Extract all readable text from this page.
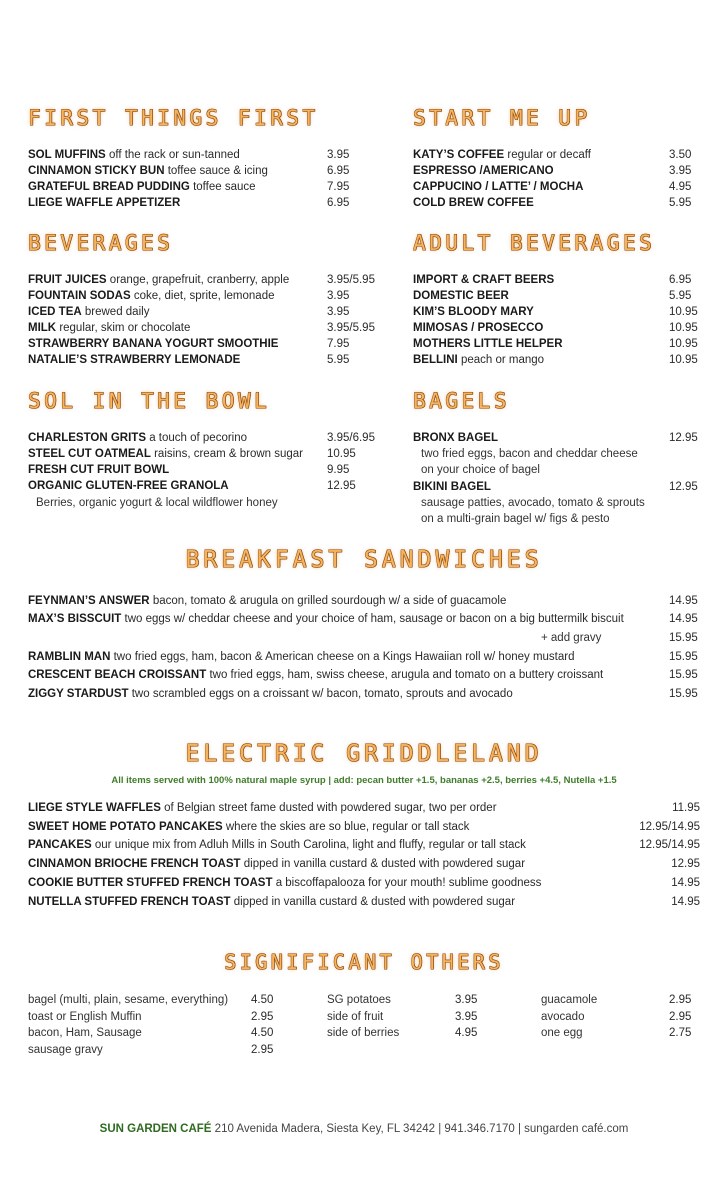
FIRST THINGS FIRST	START ME UP
BEVERAGES	ADULT BEVERAGES
SOL IN THE BOWL	BAGELS
BREAKFAST SANDWICHES
ELECTRIC GRIDDLELAND
SIGNIFICANT OTHERS
SOL MUFFINS off the rack or sun-tanned	3.95
CINNAMON STICKY BUN toffee sauce & icing	6.95
GRATEFUL BREAD PUDDING toffee sauce	7.95
LIEGE WAFFLE APPETIZER	6.95
KATY’S COFFEE regular or decaff	3.50
ESPRESSO /AMERICANO	3.95
CAPPUCINO / LATTE’ / MOCHA	4.95
COLD BREW COFFEE	5.95
FRUIT JUICES orange, grapefruit, cranberry, apple	3.95/5.95
FOUNTAIN SODAS coke, diet, sprite, lemonade	3.95
ICED TEA brewed daily	3.95
MILK regular, skim or chocolate	3.95/5.95
STRAWBERRY BANANA YOGURT SMOOTHIE	7.95
NATALIE’S STRAWBERRY LEMONADE	5.95
IMPORT & CRAFT BEERS	6.95
DOMESTIC BEER	5.95
KIM’S BLOODY MARY	10.95
MIMOSAS / PROSECCO	10.95
MOTHERS LITTLE HELPER	10.95
BELLINI peach or mango	10.95
CHARLESTON GRITS a touch of pecorino	3.95/6.95
STEEL CUT OATMEAL raisins, cream & brown sugar 10.95
FRESH CUT FRUIT BOWL	9.95
ORGANIC GLUTEN-FREE GRANOLA	12.95
Berries, organic yogurt & local wildflower honey
BRONX BAGEL	12.95
two fried eggs, bacon and cheddar cheese
on your choice of bagel
BIKINI BAGEL	12.95
sausage patties, avocado, tomato & sprouts
on a multi-grain bagel w/ figs & pesto
FEYNMAN’S ANSWER bacon, tomato & arugula on grilled sourdough w/ a side of guacamole	14.95
MAX’S BISSCUIT two eggs w/ cheddar cheese and your choice of ham, sausage or bacon on a big buttermilk biscuit	14.95
+ add gravy	15.95
RAMBLIN MAN two fried eggs, ham, bacon & American cheese on a Kings Hawaiian roll w/ honey mustard	15.95
CRESCENT BEACH CROISSANT two fried eggs, ham, swiss cheese, arugula and tomato on a buttery croissant	15.95
ZIGGY STARDUST two scrambled eggs on a croissant w/ bacon, tomato, sprouts and avocado	15.95
All items served with 100% natural maple syrup | add: pecan butter +1.5, bananas +2.5, berries +4.5, Nutella +1.5
LIEGE STYLE WAFFLES of Belgian street fame dusted with powdered sugar, two per order	11.95
SWEET HOME POTATO PANCAKES where the skies are so blue, regular or tall stack	12.95/14.95
PANCAKES our unique mix from Adluh Mills in South Carolina, light and fluffy, regular or tall stack	12.95/14.95
CINNAMON BRIOCHE FRENCH TOAST dipped in vanilla custard & dusted with powdered sugar	12.95
COOKIE BUTTER STUFFED FRENCH TOAST a biscoffapalooza for your mouth! sublime goodness	14.95
NUTELLA STUFFED FRENCH TOAST dipped in vanilla custard & dusted with powdered sugar	14.95
bagel (multi, plain, sesame, everything) 4.50
toast or English Muffin	2.95
bacon, Ham, Sausage	4.50
sausage gravy	2.95
SG potatoes	3.95
side of fruit	3.95
side of berries	4.95
guacamole	2.95
avocado	2.95
one egg	2.75
SUN GARDEN CAFÉ 210 Avenida Madera, Siesta Key, FL 34242 | 941.346.7170 | sungarden café.com
